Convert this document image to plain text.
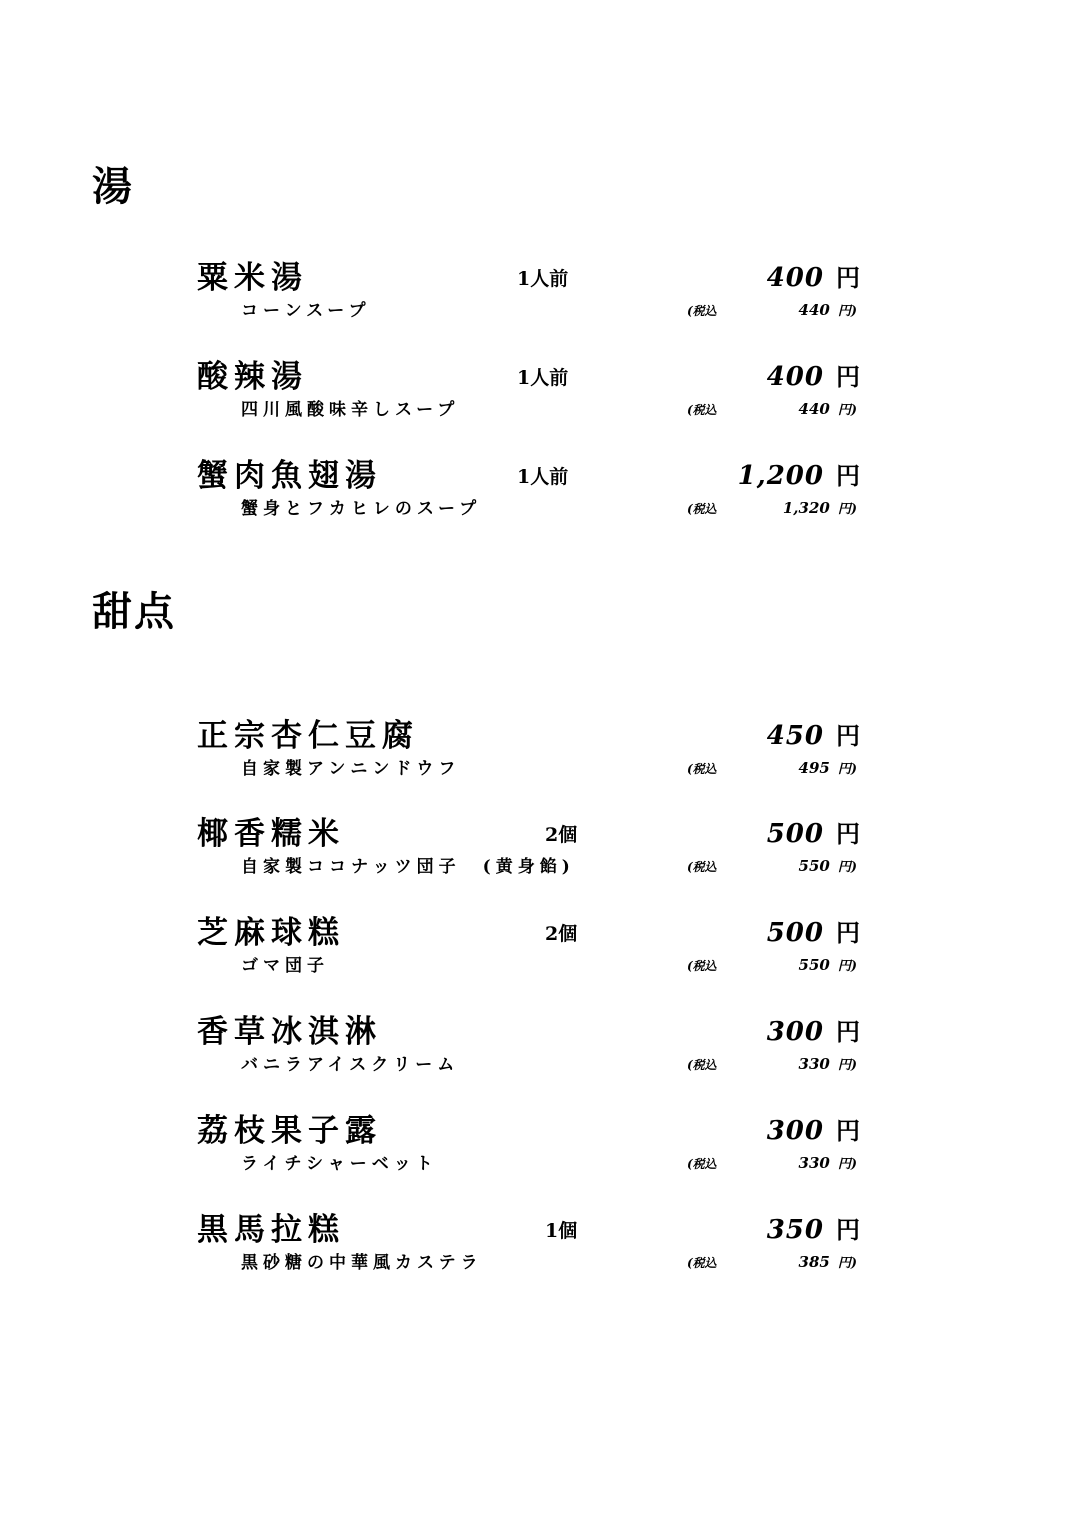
湯
粟米湯
コーンスープ
1人前	400 円
(税込	440 円)
酸辣湯
四川風酸味辛しスープ
1人前	400 円
(税込	440 円)
蟹肉魚翅湯
蟹身とフカヒレのスープ
1人前	1,200 円
(税込	1,320 円)
甜点
正宗杏仁豆腐
自家製アンニンドウフ
450 円
(税込	495 円)
椰香糯米
自家製ココナッツ団子　(黄身餡)
2個	500 円
(税込	550 円)
芝麻球糕
ゴマ団子
2個	500 円
(税込	550 円)
香草冰淇淋
バニラアイスクリーム
300 円
(税込	330 円)
荔枝果子露
ライチシャーベット
300 円
(税込	330 円)
黒馬拉糕
黒砂糖の中華風カステラ
1個	350 円
(税込	385 円)
